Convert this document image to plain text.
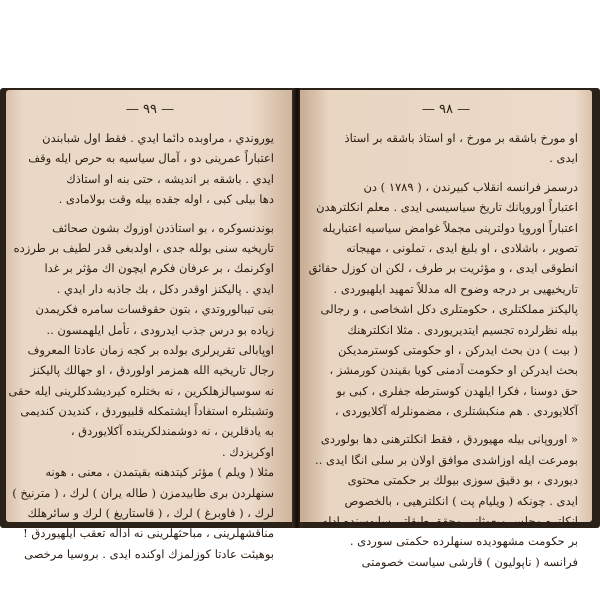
— ٩٩ —
يوروندي ، مراوبده دائما ايدي . فقط اول شبابندن
اعتباراً عمرينى دو ، آمال سياسيه به حرص ايله وقف
ايدي . باشقه بر انديشه ، حتى بنه او استاذك
دها بيلى كبى ، اوله جقده بيله وقت بولامادى .
بوندنسوكره ، بو استاذدن اوزوك بشون صحائف
تاريخيه سنى بولله جدى ، اولدبغى قدر لطيف بر طرزده
اوكرنمك ، بر عرفان فكرم ايچون اك مؤثر بر غدا
ايدي . پاليكنز اوقدر دكل ، بك جاذبه دار ايدي .
بنى تيبالوروتدي ، بتون حقوقسات سامره فكريمدن
زياده بو درس جذب ايدرودى ، تأمل ايلهمسون ..
اوپابالى تقريرلرى بولده بر كجه زمان عادتا المعروف
رجال تاريخيه الله همزمر اولوردق ، او جهالك پاليكنز
نه سوسيالزهلكرين ، نه بختلره كيرديشدكلرينى ايله حقى
وتشبثلره استفاداً ايشتمكله قلبيوردق ، كنديدن كنديمى
به يادقلرين ، نه دوشمندلكرينده آكلايوردق ،
اوكريزدك .
مثلا ( ويلم ) مؤثر كيتدهنه بقيتمدن ، معنى ، هونه
سنهلردن برى طابيدمزن ( طاله يران ) لرك ، ( مترنيخ )
لرك ، ( فاوبرغ ) لرك ، ( قاستاريغ ) لرك و سائرهلك
مناقشهلرينى ، مباحثهلرينى نه اداله تعقب ايلهيوردق !
بوهيئت عادتا كوزلمزك اوكنده ايدى . بروسيا مرخصى
— ٩٨ —
او مورخ باشقه بر مورخ ، او استاذ باشقه بر استاذ
ايدى .
درسمز فرانسه انقلاب كبيرندن ، ( ١٧٨٩ ) دن
اعتباراً اوروپانك تاريخ سياسيسى ايدى . معلم انكلترهدن
اعتباراً اوروپا دولترينى مجملاً غوامض سياسيه اعتباريله
تصوير ، باشلادى ، او بلبغ ايدى ، تملونى ، مهيجانه
انطوقى ايدى ، و مؤثريت بر طرف ، لكن ان كوزل حقائق
تاريخيهيى بر درجه وضوح اله مدللاً تمهيد ايلهيوردى .
پاليكنز مملكتلرى ، حكومتلرى دكل اشخاصى ، و رجالى
بيله نظرلرده تجسيم ايتديريوردى . مثلا انكلترهنك
( بيت ) دن بحث ايدركن ، او حكومتى كوسترمديكن
بحث ايدركن او حكومت آدمنى كويا بقيندن كورمشز ،
حق دوسنا ، فكرا ايلهدن كوسترطه جفلرى ، كبى بو
آكلايوردى . هم منكبشتلرى ، مضمونلرله آكلايوردى ،
« اوروپانى بيله مهيوردق ، فقط انكلترهنى دها بولوردى
بومرعت ايله اوزاشدى موافق اولان بر سلى انگا ايدى ..
ديوردى ، بو دقيق سوزى بيولك بر حكمتى محتوى
ايدى . چونكه ( ويليام پت ) انكلترهيى ، بالخصوص
انكلتره مجلس مبعوثانى محقق طبقاتى سايهسنده ادله
بر حكومت مشهوديده سنهلرده حكمتى سوردى .
فرانسه ( ناپوليون ) قارشى سياست خصومتى
